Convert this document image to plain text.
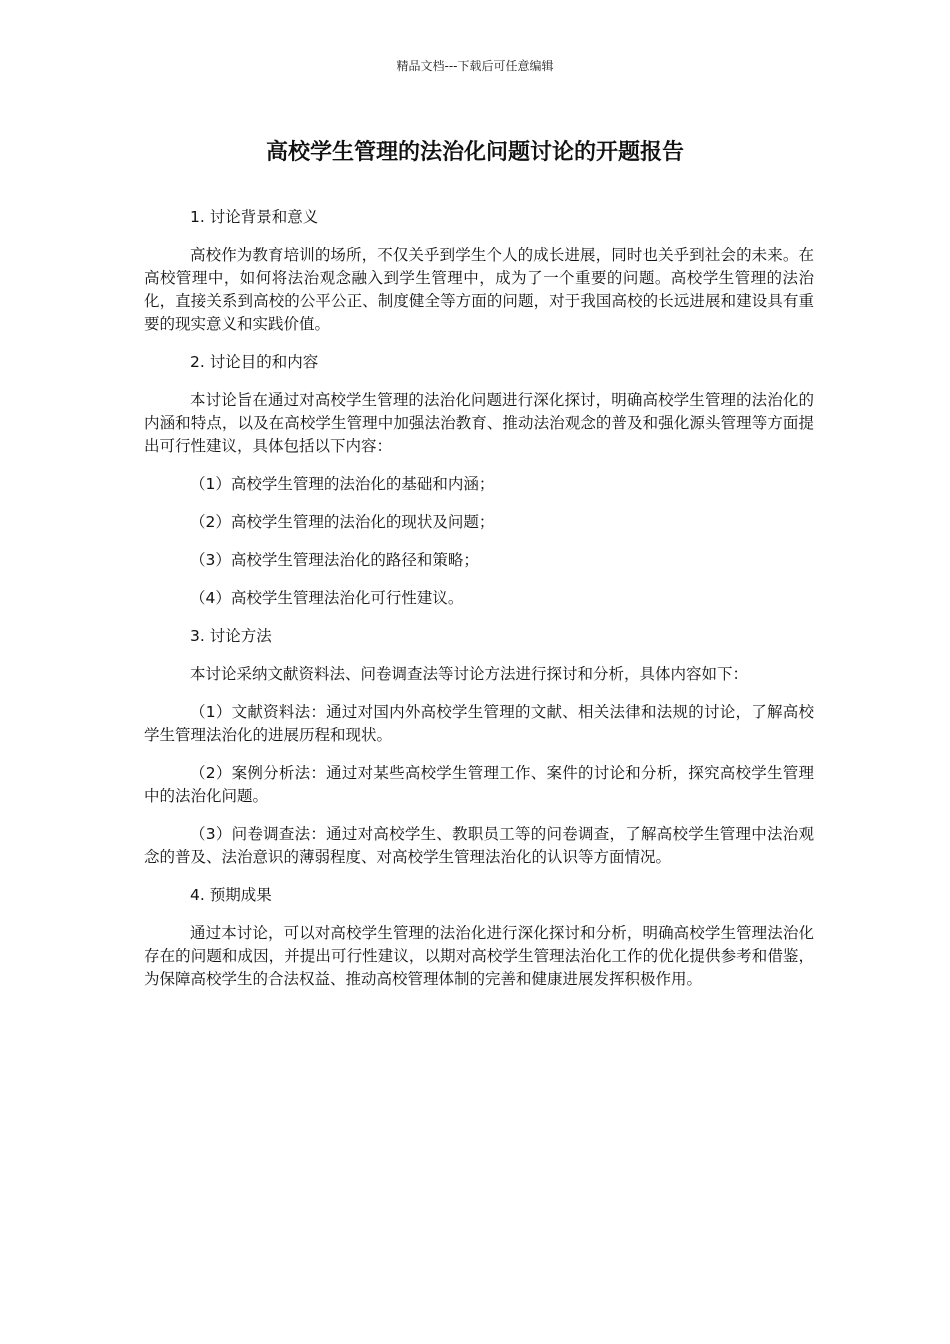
精品文档---下载后可任意编辑
高校学生管理的法治化问题讨论的开题报告

1. 讨论背景和意义

高校作为教育培训的场所，不仅关乎到学生个人的成长进展，同时也关乎到社会的未来。在高校管理中，如何将法治观念融入到学生管理中，成为了一个重要的问题。高校学生管理的法治化，直接关系到高校的公平公正、制度健全等方面的问题，对于我国高校的长远进展和建设具有重要的现实意义和实践价值。

2. 讨论目的和内容

本讨论旨在通过对高校学生管理的法治化问题进行深化探讨，明确高校学生管理的法治化的内涵和特点，以及在高校学生管理中加强法治教育、推动法治观念的普及和强化源头管理等方面提出可行性建议，具体包括以下内容：

（1）高校学生管理的法治化的基础和内涵；

（2）高校学生管理的法治化的现状及问题；

（3）高校学生管理法治化的路径和策略；

（4）高校学生管理法治化可行性建议。

3. 讨论方法

本讨论采纳文献资料法、问卷调查法等讨论方法进行探讨和分析，具体内容如下：

（1）文献资料法：通过对国内外高校学生管理的文献、相关法律和法规的讨论，了解高校学生管理法治化的进展历程和现状。

（2）案例分析法：通过对某些高校学生管理工作、案件的讨论和分析，探究高校学生管理中的法治化问题。

（3）问卷调查法：通过对高校学生、教职员工等的问卷调查，了解高校学生管理中法治观念的普及、法治意识的薄弱程度、对高校学生管理法治化的认识等方面情况。

4. 预期成果

通过本讨论，可以对高校学生管理的法治化进行深化探讨和分析，明确高校学生管理法治化存在的问题和成因，并提出可行性建议，以期对高校学生管理法治化工作的优化提供参考和借鉴，为保障高校学生的合法权益、推动高校管理体制的完善和健康进展发挥积极作用。
